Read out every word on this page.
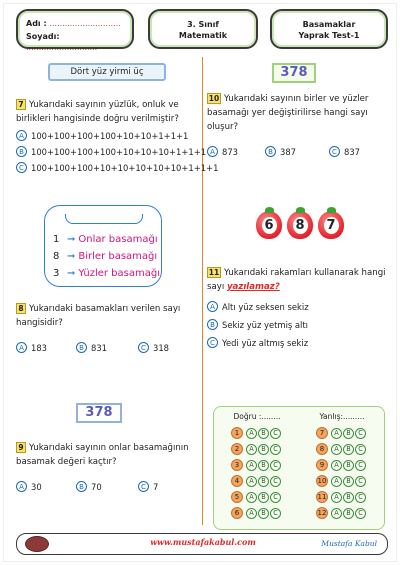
Adı : ............................
Soyadı: ............................
3. Sınıf
Matematik
Basamaklar
Yaprak Test-1
Dört yüz yirmi üç
7 Yukarıdaki sayının yüzlük, onluk ve
birlikleri hangisinde doğru verilmiştir?
A 100+100+100+100+10+10+1+1+1
B 100+100+100+100+10+10+10+1+1+1
C 100+100+100+10+10+10+10+10+1+1+1
1 ➞ Onlar basamağı
8 ➞ Birler basamağı
3 ➞ Yüzler basamağı
8 Yukarıdaki basamakları verilen sayı
hangisidir?
A 183	B 831	C 318
378
9 Yukarıdaki sayının onlar basamağının
basamak değeri kaçtır?
A 30	B 70	C 7
378
10 Yukarıdaki sayının birler ve yüzler
basamağı yer değiştirilirse hangi sayı
oluşur?
A 873	B 387	C 837
6 8 7
11 Yukarıdaki rakamları kullanarak hangi
sayı yazılamaz?
A Altı yüz seksen sekiz
B Sekiz yüz yetmiş altı
C Yedi yüz altmış sekiz
Doğru :........	Yanlış:.........
1	A	B	C
2	A	B	C
3	A	B	C
4	A	B	C
5	A	B	C
6	A	B	C
7	A	B	C
8	A	B	C
9	A	B	C
10	A	B	C
11	A	B	C
12	A	B	C
www.mustafakabul.com	Mustafa Kabul
